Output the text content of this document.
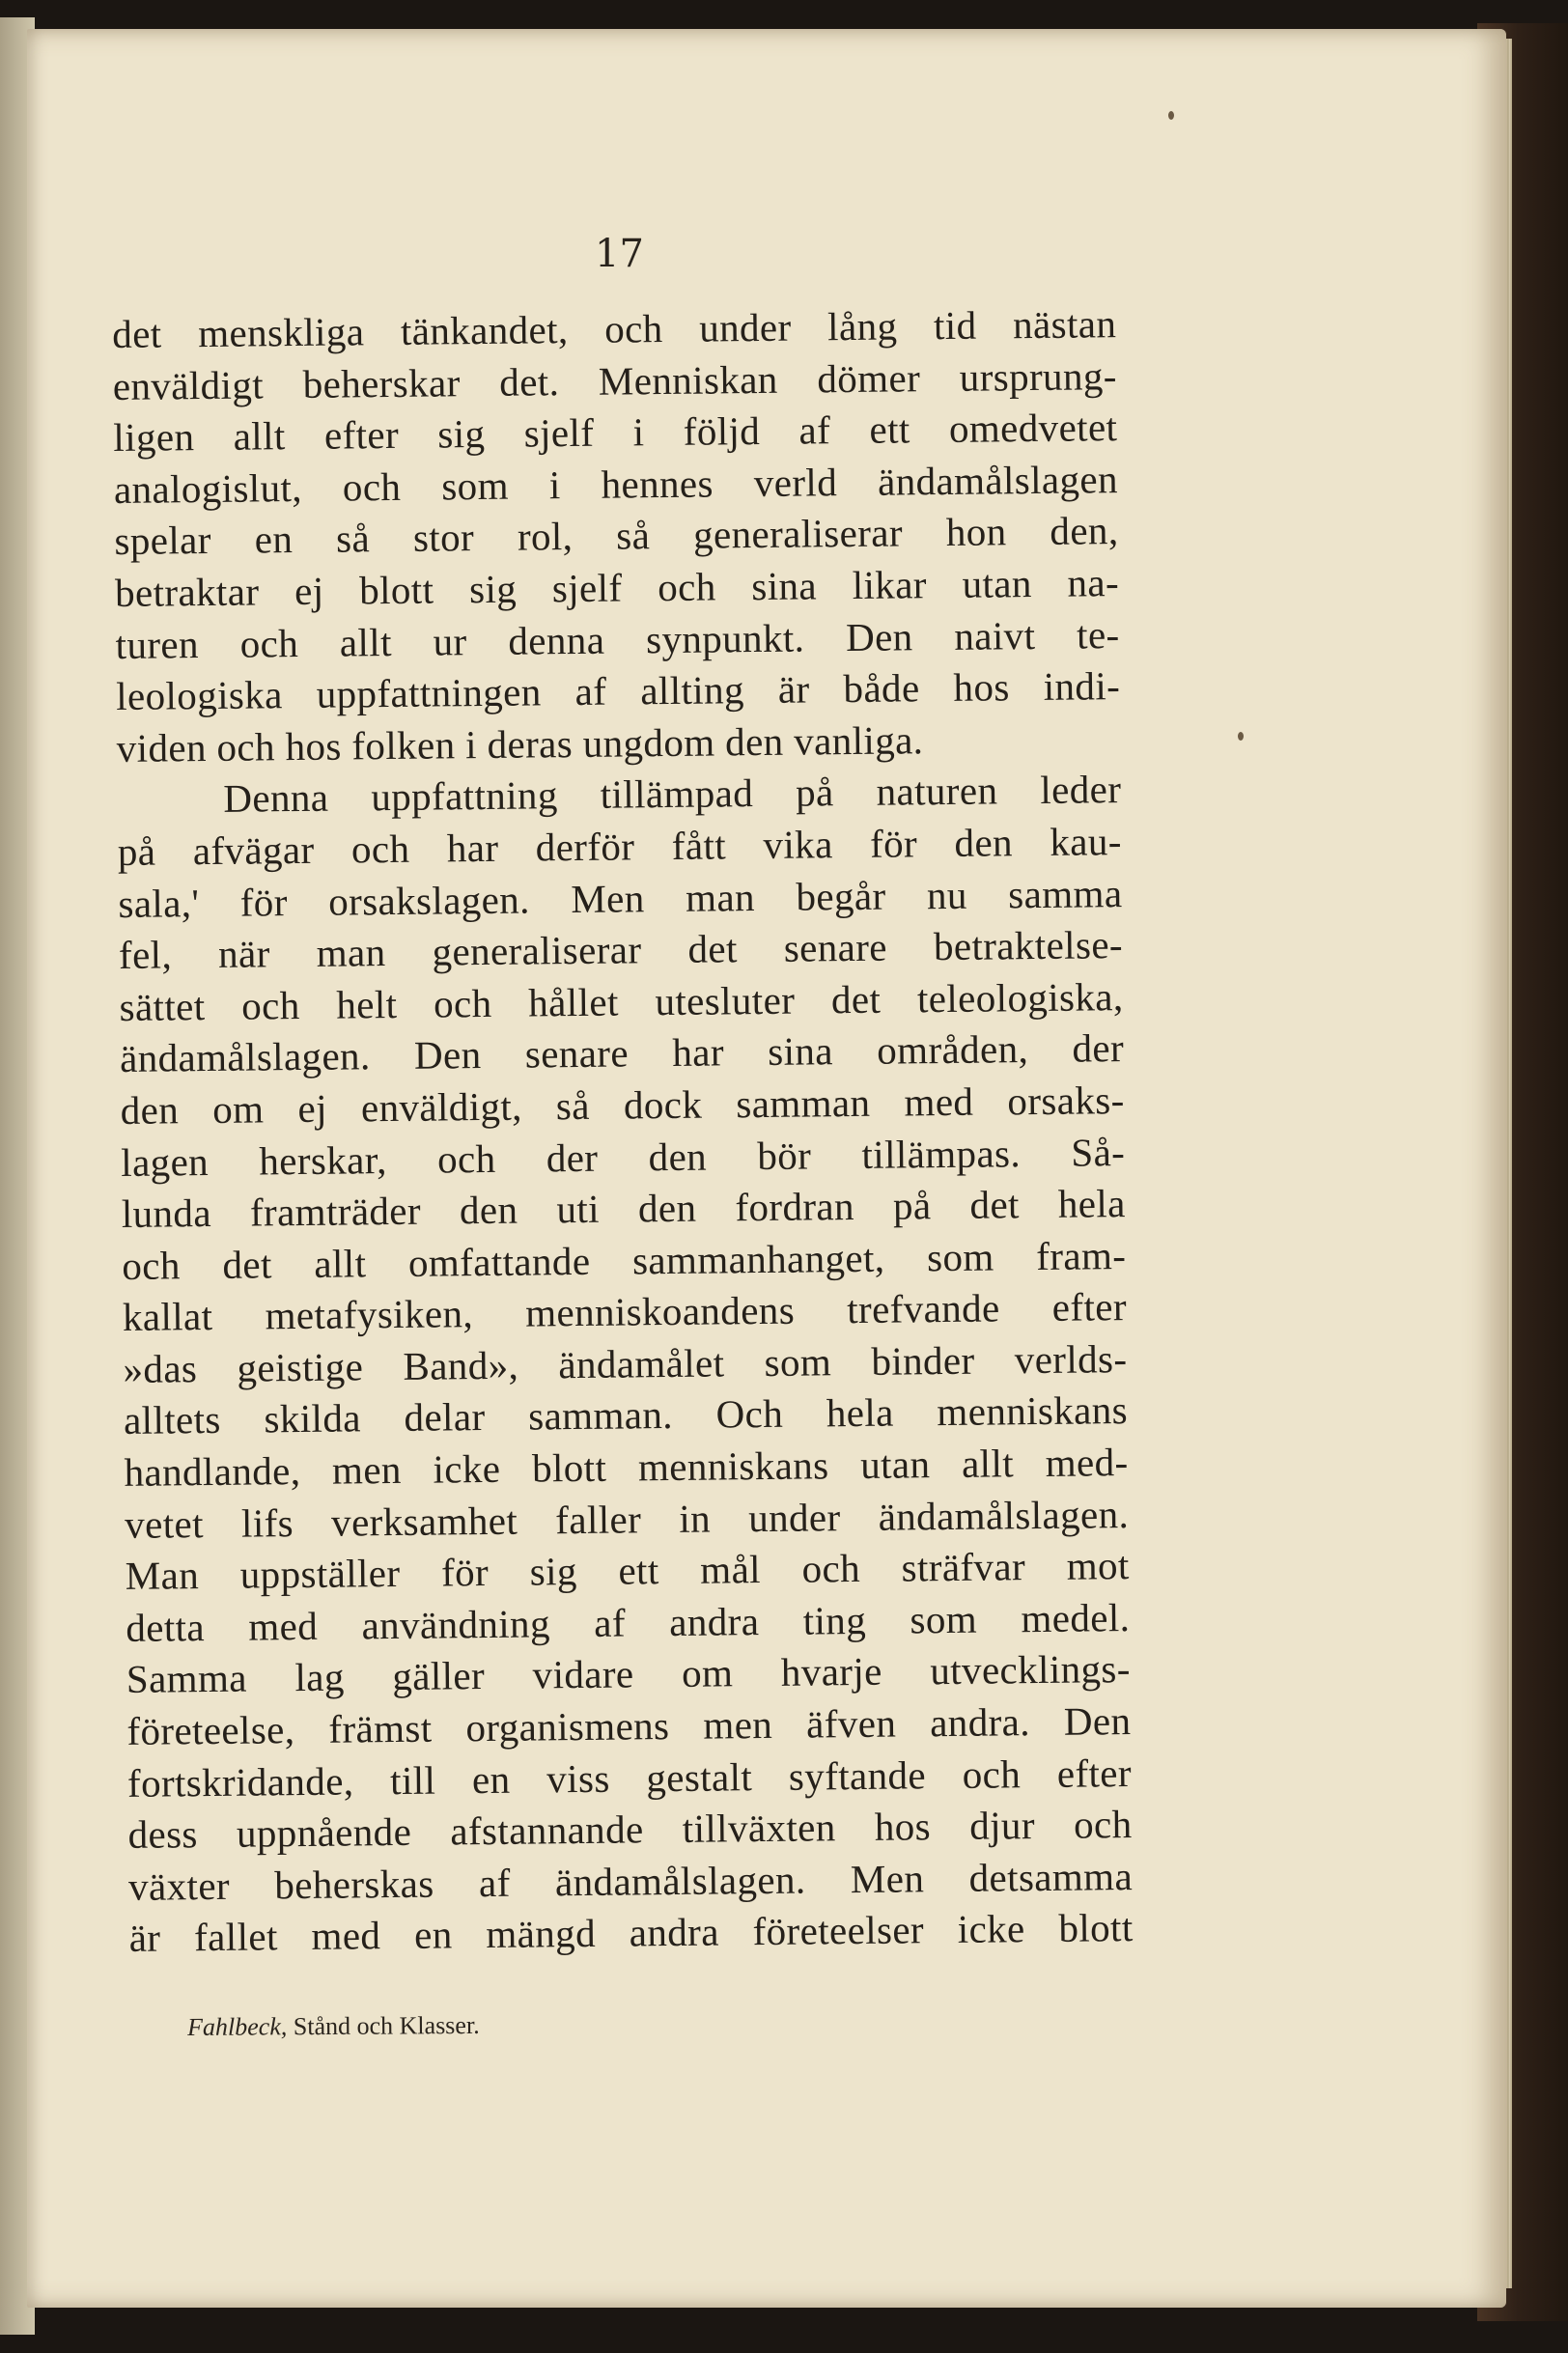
17
det menskliga tänkandet, och under lång tid nästan
enväldigt beherskar det. Menniskan dömer ursprung-
ligen allt efter sig sjelf i följd af ett omedvetet
analogislut, och som i hennes verld ändamålslagen
spelar en så stor rol, så generaliserar hon den,
betraktar ej blott sig sjelf och sina likar utan na-
turen och allt ur denna synpunkt. Den naivt te-
leologiska uppfattningen af allting är både hos indi-
viden och hos folken i deras ungdom den vanliga.
Denna uppfattning tillämpad på naturen leder
på afvägar och har derför fått vika för den kau-
sala,' för orsakslagen. Men man begår nu samma
fel, när man generaliserar det senare betraktelse-
sättet och helt och hållet utesluter det teleologiska,
ändamålslagen. Den senare har sina områden, der
den om ej enväldigt, så dock samman med orsaks-
lagen herskar, och der den bör tillämpas. Så-
lunda framträder den uti den fordran på det hela
och det allt omfattande sammanhanget, som fram-
kallat metafysiken, menniskoandens trefvande efter
»das geistige Band», ändamålet som binder verlds-
alltets skilda delar samman. Och hela menniskans
handlande, men icke blott menniskans utan allt med-
vetet lifs verksamhet faller in under ändamålslagen.
Man uppställer för sig ett mål och sträfvar mot
detta med användning af andra ting som medel.
Samma lag gäller vidare om hvarje utvecklings-
företeelse, främst organismens men äfven andra. Den
fortskridande, till en viss gestalt syftande och efter
dess uppnående afstannande tillväxten hos djur och
växter beherskas af ändamålslagen. Men detsamma
är fallet med en mängd andra företeelser icke blott
Fahlbeck, Stånd och Klasser.
